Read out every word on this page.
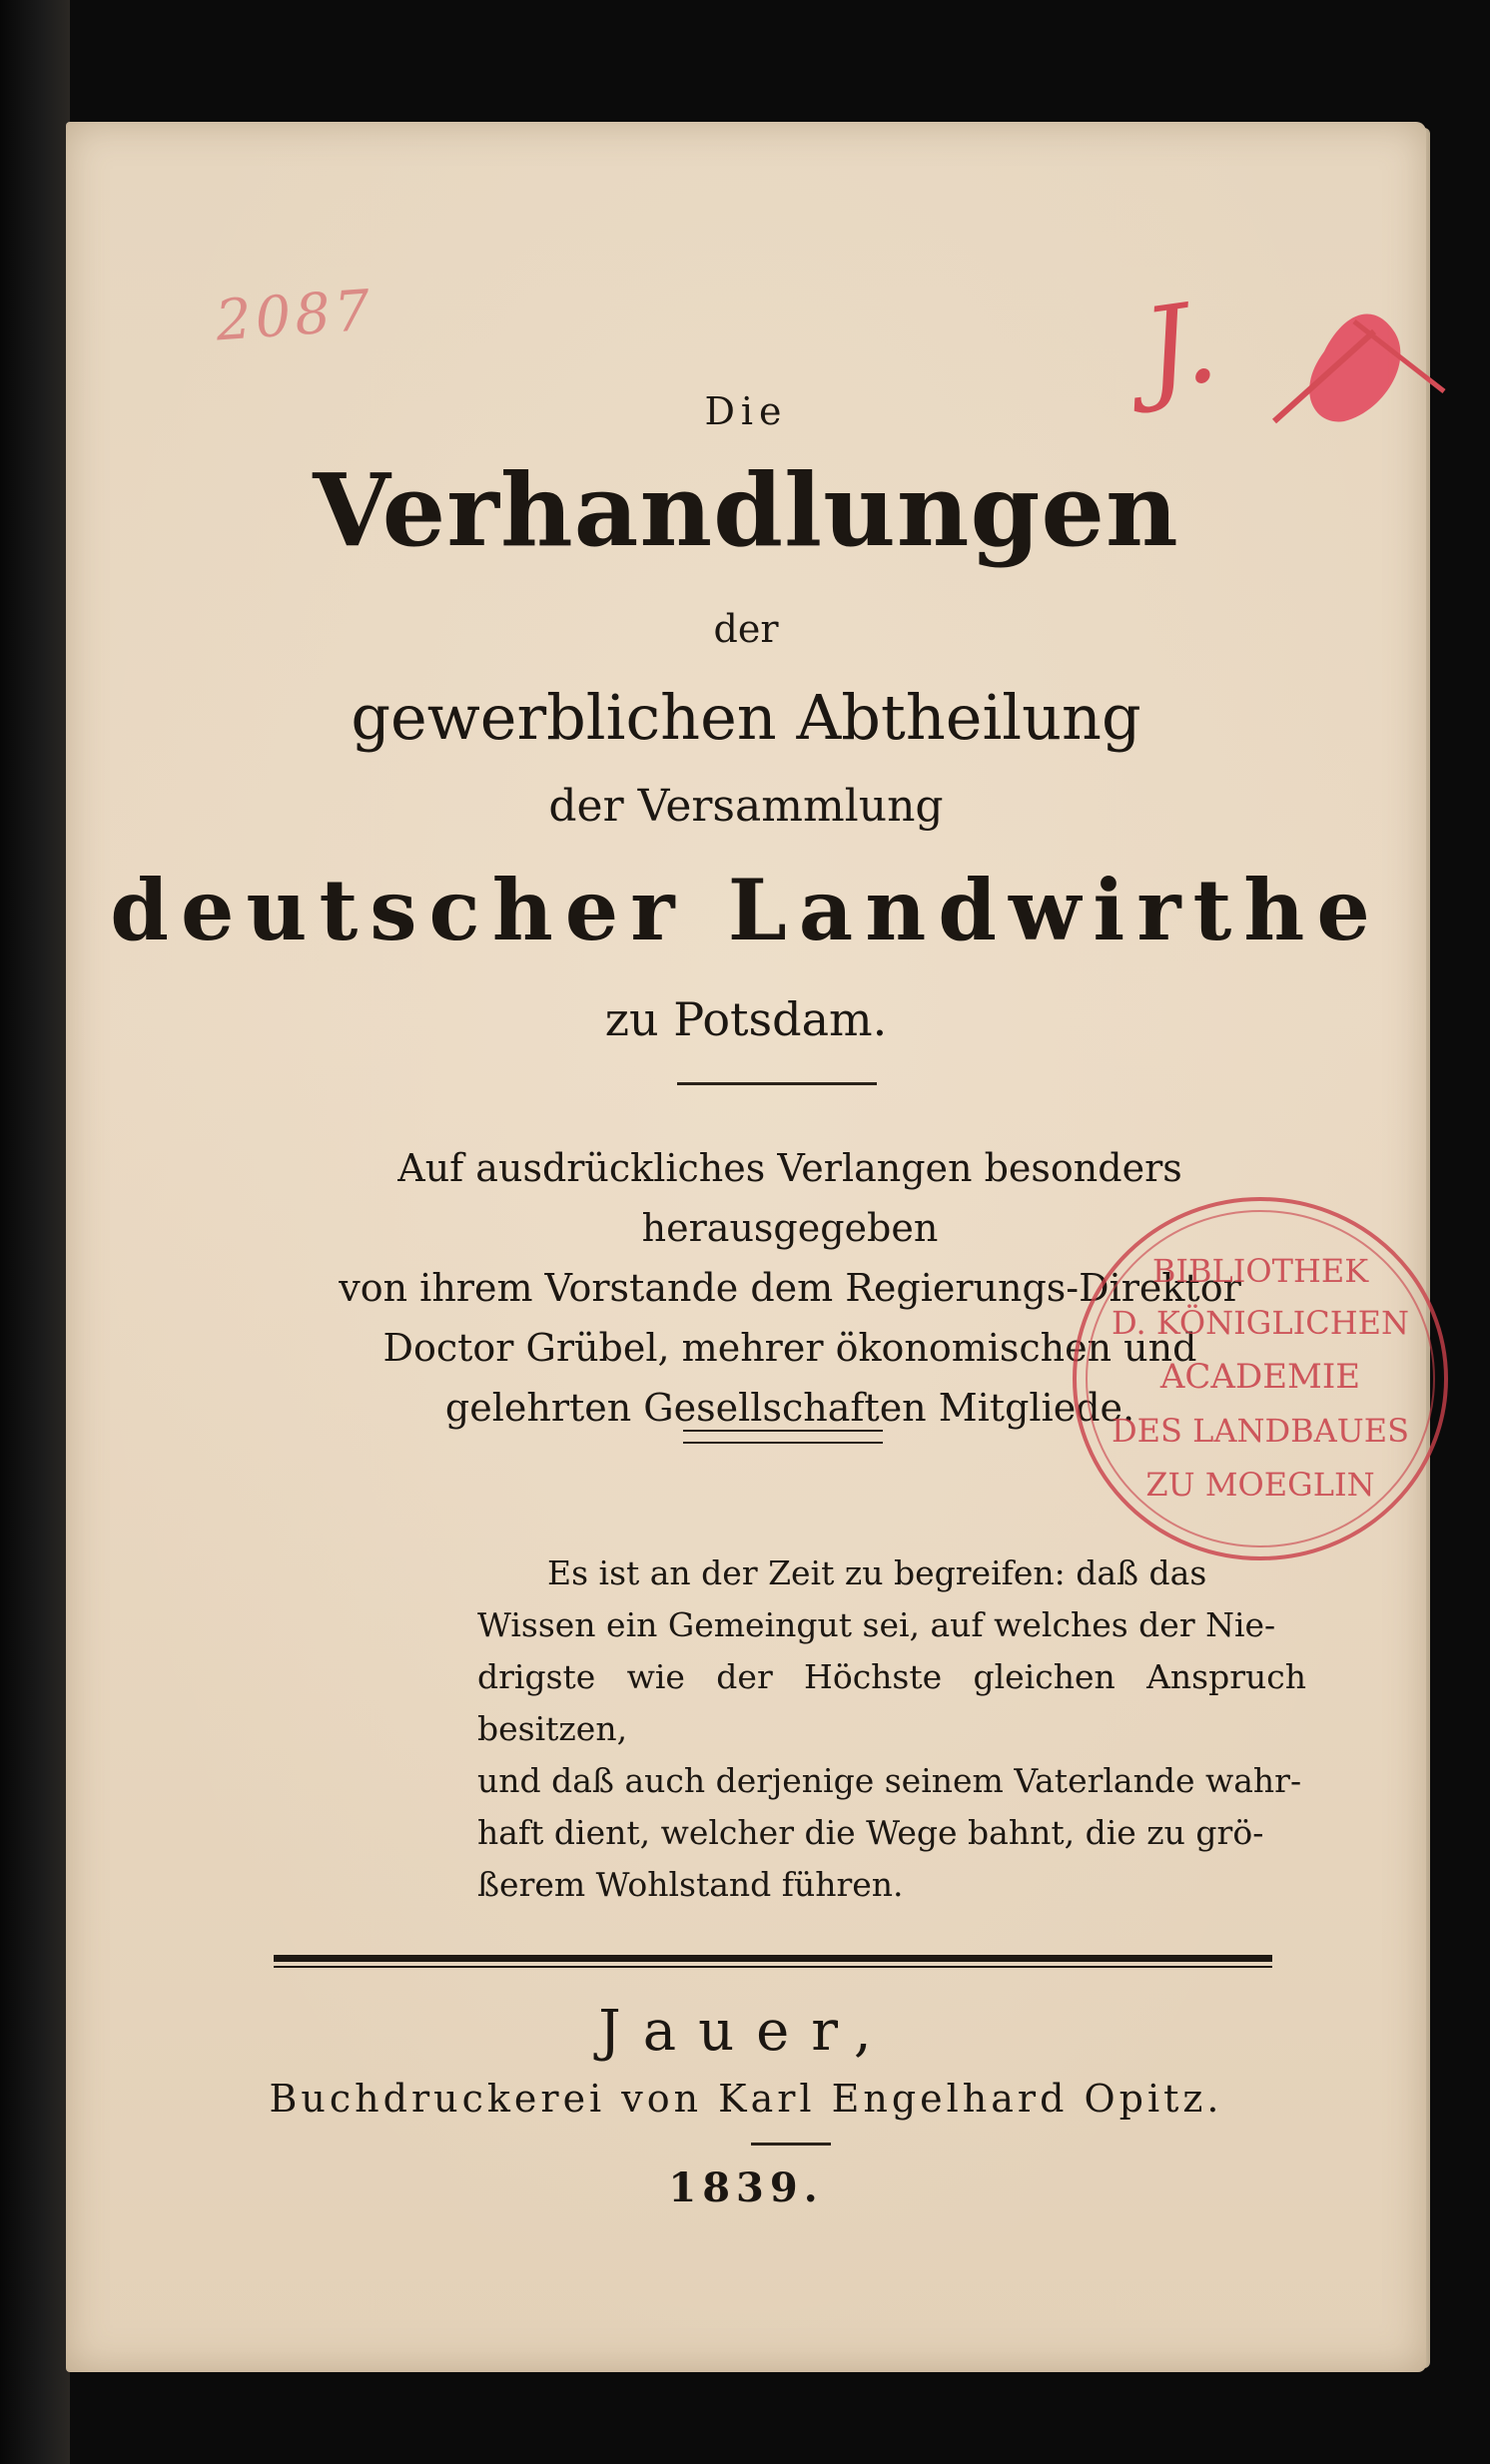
2087	J.
Die
Verhandlungen
der
gewerblichen Abtheilung
der Versammlung
deutscher Landwirthe
zu Potsdam.
Auf ausdrückliches Verlangen besonders herausgegeben
von ihrem Vorstande dem Regierungs-Direktor
Doctor Grübel, mehrer ökonomischen und
gelehrten Gesellschaften Mitgliede.
BIBLIOTHEK
D. KÖNIGLICHEN
ACADEMIE
DES LANDBAUES
ZU MOEGLIN
Es ist an der Zeit zu begreifen: daß das
Wissen ein Gemeingut sei, auf welches der Nie-
drigste wie der Höchste gleichen Anspruch besitzen,
und daß auch derjenige seinem Vaterlande wahr-
haft dient, welcher die Wege bahnt, die zu grö-
ßerem Wohlstand führen.
Jauer,
Buchdruckerei von Karl Engelhard Opitz.
1839.
